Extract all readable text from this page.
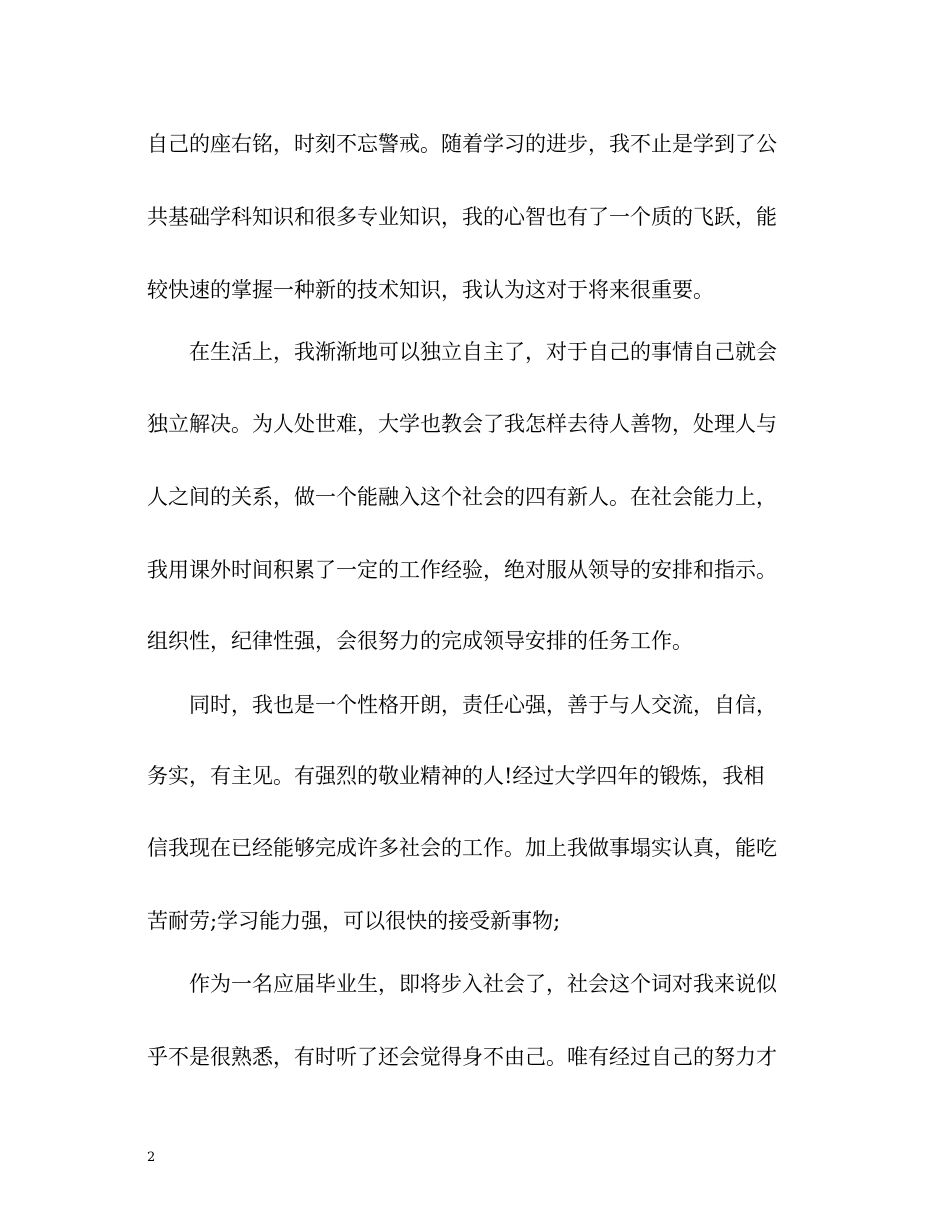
自己的座右铭，时刻不忘警戒。随着学习的进步，我不止是学到了公
共基础学科知识和很多专业知识，我的心智也有了一个质的飞跃，能
较快速的掌握一种新的技术知识，我认为这对于将来很重要。
在生活上，我渐渐地可以独立自主了，对于自己的事情自己就会
独立解决。为人处世难，大学也教会了我怎样去待人善物，处理人与
人之间的关系，做一个能融入这个社会的四有新人。在社会能力上，
我用课外时间积累了一定的工作经验，绝对服从领导的安排和指示。
组织性，纪律性强，会很努力的完成领导安排的任务工作。
同时，我也是一个性格开朗，责任心强，善于与人交流，自信，
务实，有主见。有强烈的敬业精神的人!经过大学四年的锻炼，我相
信我现在已经能够完成许多社会的工作。加上我做事塌实认真，能吃
苦耐劳;学习能力强，可以很快的接受新事物;
作为一名应届毕业生，即将步入社会了，社会这个词对我来说似
乎不是很熟悉，有时听了还会觉得身不由己。唯有经过自己的努力才
2
